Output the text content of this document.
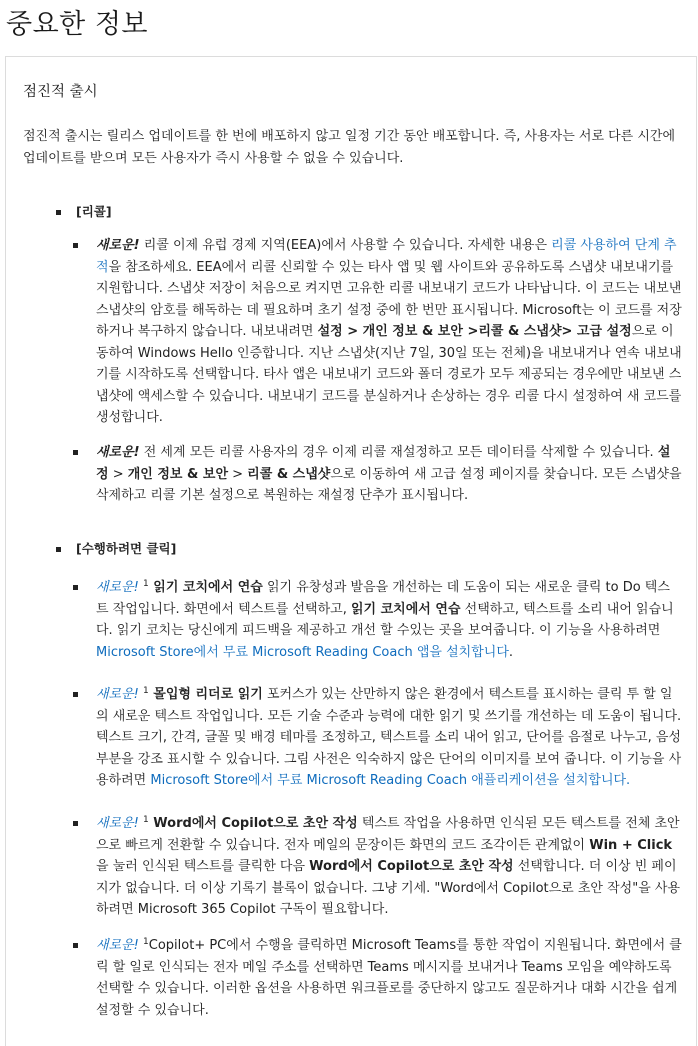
중요한 정보
점진적 출시

점진적 출시는 릴리스 업데이트를 한 번에 배포하지 않고 일정 기간 동안 배포합니다. 즉, 사용자는 서로 다른 시간에 업데이트를 받으며 모든 사용자가 즉시 사용할 수 없을 수 있습니다.

[리콜]

새로운! 리콜 이제 유럽 경제 지역(EEA)에서 사용할 수 있습니다. 자세한 내용은 리콜 사용하여 단계 추적을 참조하세요. EEA에서 리콜 신뢰할 수 있는 타사 앱 및 웹 사이트와 공유하도록 스냅샷 내보내기를 지원합니다. 스냅샷 저장이 처음으로 켜지면 고유한 리콜 내보내기 코드가 나타납니다. 이 코드는 내보낸 스냅샷의 암호를 해독하는 데 필요하며 초기 설정 중에 한 번만 표시됩니다. Microsoft는 이 코드를 저장하거나 복구하지 않습니다. 내보내려면 설정 > 개인 정보 & 보안 >리콜 & 스냅샷> 고급 설정으로 이동하여 Windows Hello 인증합니다. 지난 스냅샷(지난 7일, 30일 또는 전체)을 내보내거나 연속 내보내기를 시작하도록 선택합니다. 타사 앱은 내보내기 코드와 폴더 경로가 모두 제공되는 경우에만 내보낸 스냅샷에 액세스할 수 있습니다. 내보내기 코드를 분실하거나 손상하는 경우 리콜 다시 설정하여 새 코드를 생성합니다.

새로운! 전 세계 모든 리콜 사용자의 경우 이제 리콜 재설정하고 모든 데이터를 삭제할 수 있습니다. 설정 > 개인 정보 & 보안 > 리콜 & 스냅샷으로 이동하여 새 고급 설정 페이지를 찾습니다. 모든 스냅샷을 삭제하고 리콜 기본 설정으로 복원하는 재설정 단추가 표시됩니다.

[수행하려면 클릭]

새로운! $^1$ 읽기 코치에서 연습 읽기 유창성과 발음을 개선하는 데 도움이 되는 새로운 클릭 to Do 텍스트 작업입니다. 화면에서 텍스트를 선택하고, 읽기 코치에서 연습 선택하고, 텍스트를 소리 내어 읽습니다. 읽기 코치는 당신에게 피드백을 제공하고 개선 할 수있는 곳을 보여줍니다. 이 기능을 사용하려면 Microsoft Store에서 무료 Microsoft Reading Coach 앱을 설치합니다.

새로운! $^1$ 몰입형 리더로 읽기 포커스가 있는 산만하지 않은 환경에서 텍스트를 표시하는 클릭 투 할 일의 새로운 텍스트 작업입니다. 모든 기술 수준과 능력에 대한 읽기 및 쓰기를 개선하는 데 도움이 됩니다. 텍스트 크기, 간격, 글꼴 및 배경 테마를 조정하고, 텍스트를 소리 내어 읽고, 단어를 음절로 나누고, 음성 부분을 강조 표시할 수 있습니다. 그림 사전은 익숙하지 않은 단어의 이미지를 보여 줍니다. 이 기능을 사용하려면 Microsoft Store에서 무료 Microsoft Reading Coach 애플리케이션을 설치합니다.

새로운! $^1$ Word에서 Copilot으로 초안 작성 텍스트 작업을 사용하면 인식된 모든 텍스트를 전체 초안으로 빠르게 전환할 수 있습니다. 전자 메일의 문장이든 화면의 코드 조각이든 관계없이 Win + Click을 눌러 인식된 텍스트를 클릭한 다음 Word에서 Copilot으로 초안 작성 선택합니다. 더 이상 빈 페이지가 없습니다. 더 이상 기록기 블록이 없습니다. 그냥 기세. "Word에서 Copilot으로 초안 작성"을 사용하려면 Microsoft 365 Copilot 구독이 필요합니다.

새로운! $^1$Copilot+ PC에서 수행을 클릭하면 Microsoft Teams를 통한 작업이 지원됩니다. 화면에서 클릭 할 일로 인식되는 전자 메일 주소를 선택하면 Teams 메시지를 보내거나 Teams 모임을 예약하도록 선택할 수 있습니다. 이러한 옵션을 사용하면 워크플로를 중단하지 않고도 질문하거나 대화 시간을 쉽게 설정할 수 있습니다.
